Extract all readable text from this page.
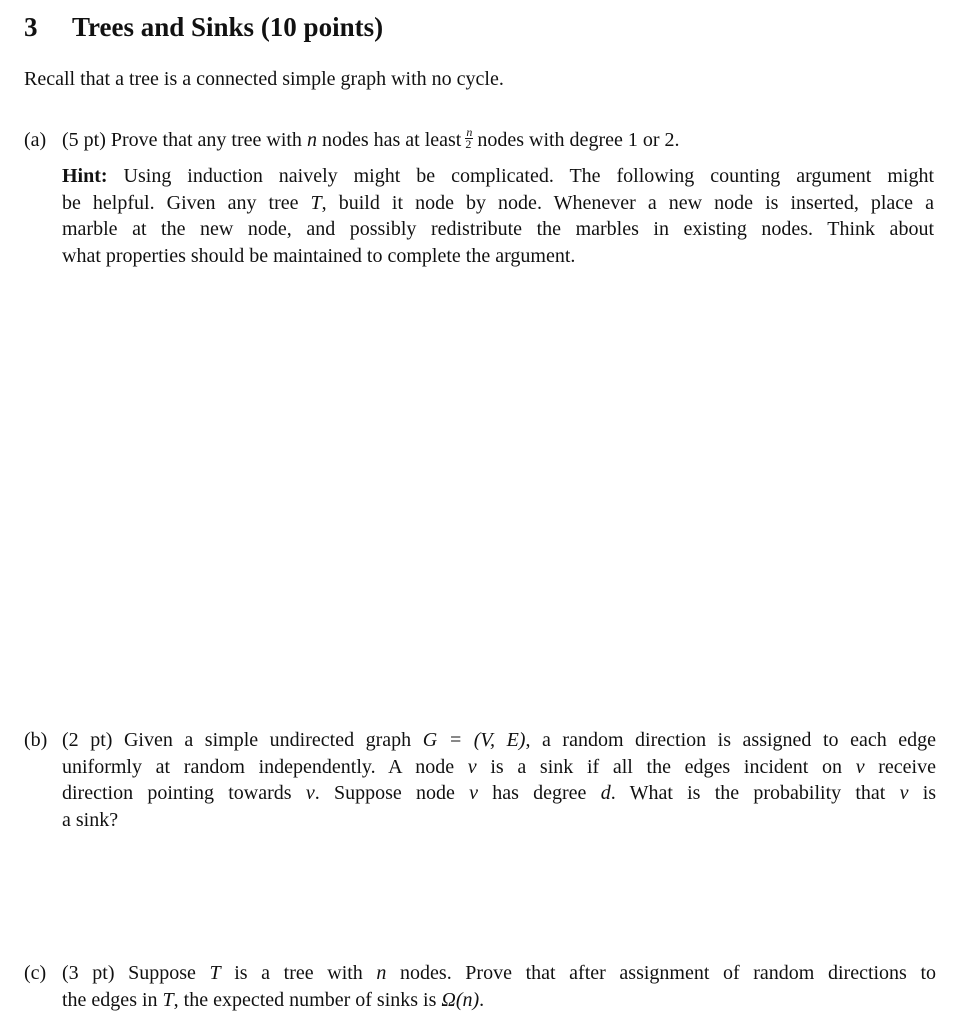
3 Trees and Sinks (10 points)
Recall that a tree is a connected simple graph with no cycle.
(a) (5 pt) Prove that any tree with n nodes has at least $\frac{n}{2}$ nodes with degree 1 or 2.
Hint: Using induction naively might be complicated. The following counting argument might
be helpful. Given any tree T, build it node by node. Whenever a new node is inserted, place a
marble at the new node, and possibly redistribute the marbles in existing nodes. Think about
what properties should be maintained to complete the argument.
(b) (2 pt) Given a simple undirected graph G = (V, E), a random direction is assigned to each edge
uniformly at random independently. A node v is a sink if all the edges incident on v receive
direction pointing towards v. Suppose node v has degree d. What is the probability that v is
a sink?
(c) (3 pt) Suppose T is a tree with n nodes. Prove that after assignment of random directions to
the edges in T, the expected number of sinks is Ω(n).
